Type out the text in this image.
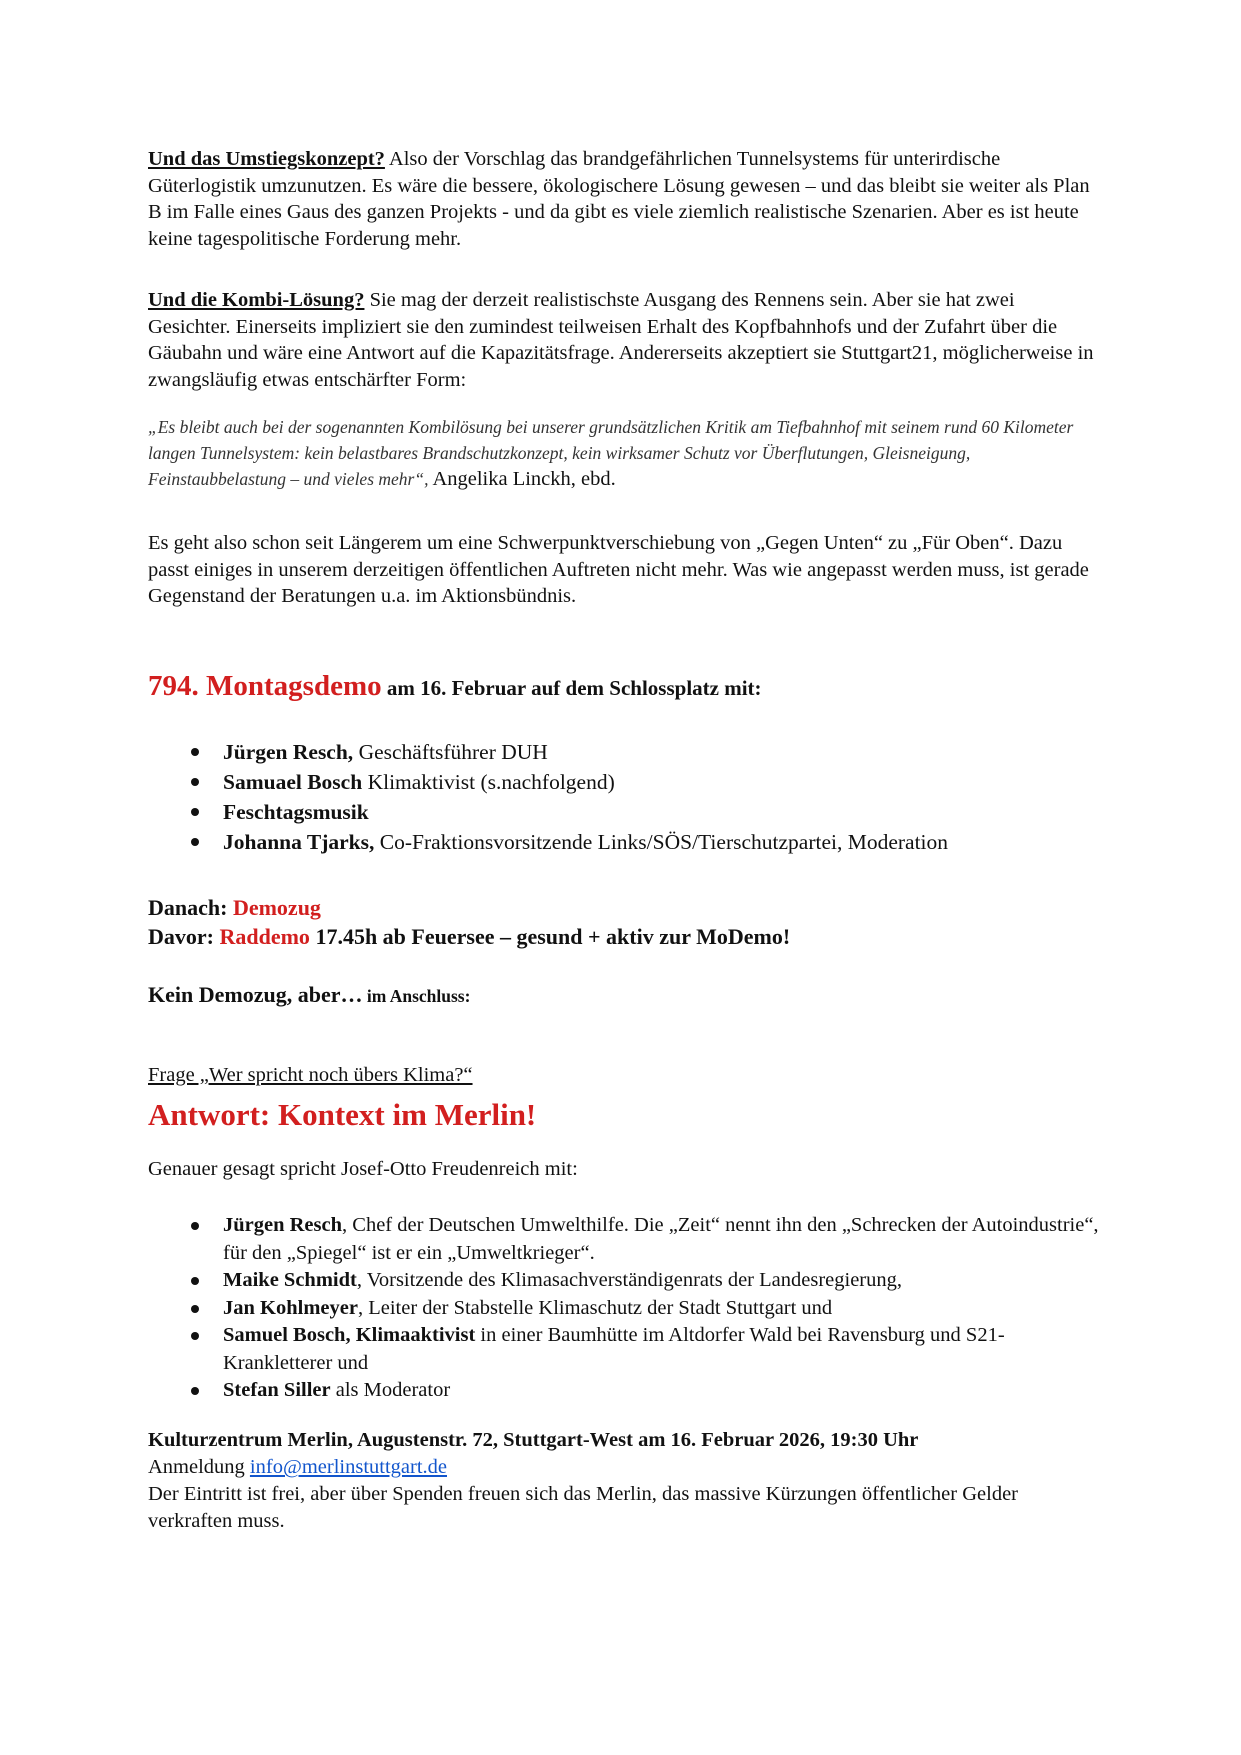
Und das Umstiegskonzept? Also der Vorschlag das brandgefährlichen Tunnelsystems für unterirdische Güterlogistik umzunutzen. Es wäre die bessere, ökologischere Lösung gewesen – und das bleibt sie weiter als Plan B im Falle eines Gaus des ganzen Projekts - und da gibt es viele ziemlich realistische Szenarien. Aber es ist heute keine tagespolitische Forderung mehr.

Und die Kombi-Lösung? Sie mag der derzeit realistischste Ausgang des Rennens sein. Aber sie hat zwei Gesichter. Einerseits impliziert sie den zumindest teilweisen Erhalt des Kopfbahnhofs und der Zufahrt über die Gäubahn und wäre eine Antwort auf die Kapazitätsfrage. Andererseits akzeptiert sie Stuttgart21, möglicherweise in zwangsläufig etwas entschärfter Form:

„Es bleibt auch bei der sogenannten Kombilösung bei unserer grundsätzlichen Kritik am Tiefbahnhof mit seinem rund 60 Kilometer langen Tunnelsystem: kein belastbares Brandschutzkonzept, kein wirksamer Schutz vor Überflutungen, Gleisneigung, Feinstaubbelastung – und vieles mehr“, Angelika Linckh, ebd.

Es geht also schon seit Längerem um eine Schwerpunktverschiebung von „Gegen Unten“ zu „Für Oben“. Dazu passt einiges in unserem derzeitigen öffentlichen Auftreten nicht mehr. Was wie angepasst werden muss, ist gerade Gegenstand der Beratungen u.a. im Aktionsbündnis.

794. Montagsdemo am 16. Februar auf dem Schlossplatz mit:

Jürgen Resch, Geschäftsführer DUH
Samuael Bosch Klimaktivist (s.nachfolgend)
Feschtagsmusik
Johanna Tjarks, Co-Fraktionsvorsitzende Links/SÖS/Tierschutzpartei, Moderation

Danach: Demozug

Davor: Raddemo 17.45h ab Feuersee – gesund + aktiv zur MoDemo!

Kein Demozug, aber… im Anschluss:

Frage „Wer spricht noch übers Klima?“

Antwort: Kontext im Merlin!

Genauer gesagt spricht Josef-Otto Freudenreich mit:

Jürgen Resch, Chef der Deutschen Umwelthilfe. Die „Zeit“ nennt ihn den „Schrecken der Autoindustrie“, für den „Spiegel“ ist er ein „Umweltkrieger“.
Maike Schmidt, Vorsitzende des Klimasachverständigenrats der Landesregierung,
Jan Kohlmeyer, Leiter der Stabstelle Klimaschutz der Stadt Stuttgart und
Samuel Bosch, Klimaaktivist in einer Baumhütte im Altdorfer Wald bei Ravensburg und S21-Krankletterer und
Stefan Siller als Moderator

Kulturzentrum Merlin, Augustenstr. 72, Stuttgart-West am 16. Februar 2026, 19:30 Uhr

Anmeldung info@merlinstuttgart.de

Der Eintritt ist frei, aber über Spenden freuen sich das Merlin, das massive Kürzungen öffentlicher Gelder verkraften muss.
